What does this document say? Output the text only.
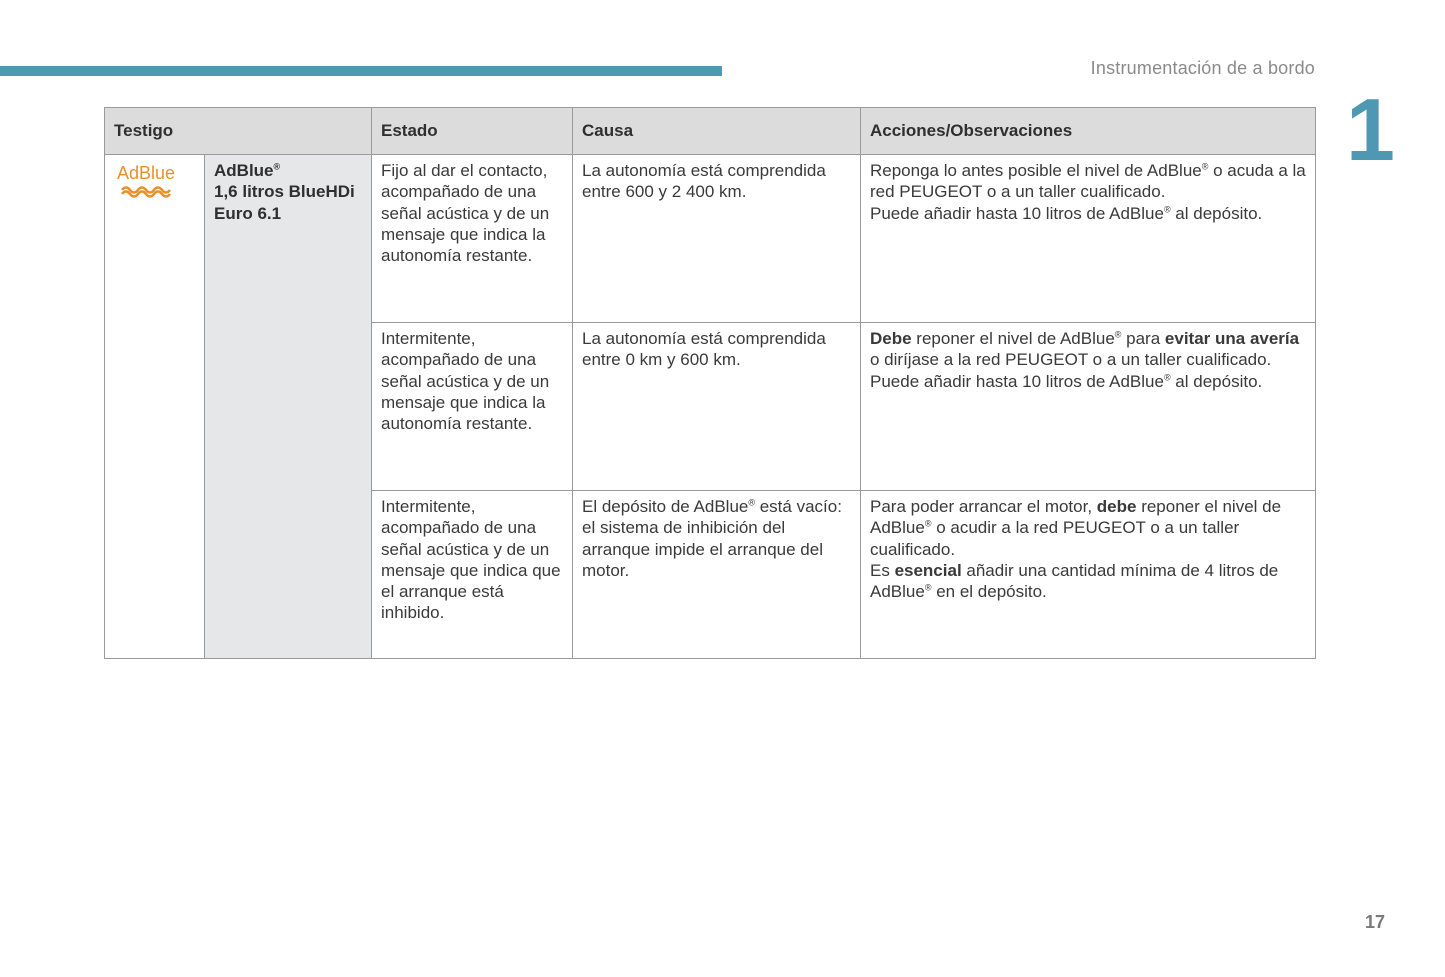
Instrumentación de a bordo
1
Testigo		Estado	Causa	Acciones/Observaciones

AdBlue	AdBlue®
1,6 litros BlueHDi
Euro 6.1	Fijo al dar el contacto, acompañado de una señal acústica y de un mensaje que indica la autonomía restante.	La autonomía está comprendida entre 600 y 2 400 km.	Reponga lo antes posible el nivel de AdBlue® o acuda a la red PEUGEOT o a un taller cualificado.
Puede añadir hasta 10 litros de AdBlue® al depósito.
		Intermitente, acompañado de una señal acústica y de un mensaje que indica la autonomía restante.	La autonomía está comprendida entre 0 km y 600 km.	Debe reponer el nivel de AdBlue® para evitar una avería o diríjase a la red PEUGEOT o a un taller cualificado.
Puede añadir hasta 10 litros de AdBlue® al depósito.
		Intermitente, acompañado de una señal acústica y de un mensaje que indica que el arranque está inhibido.	El depósito de AdBlue® está vacío: el sistema de inhibición del arranque impide el arranque del motor.	Para poder arrancar el motor, debe reponer el nivel de AdBlue® o acudir a la red PEUGEOT o a un taller cualificado.
Es esencial añadir una cantidad mínima de 4 litros de AdBlue® en el depósito.
17
